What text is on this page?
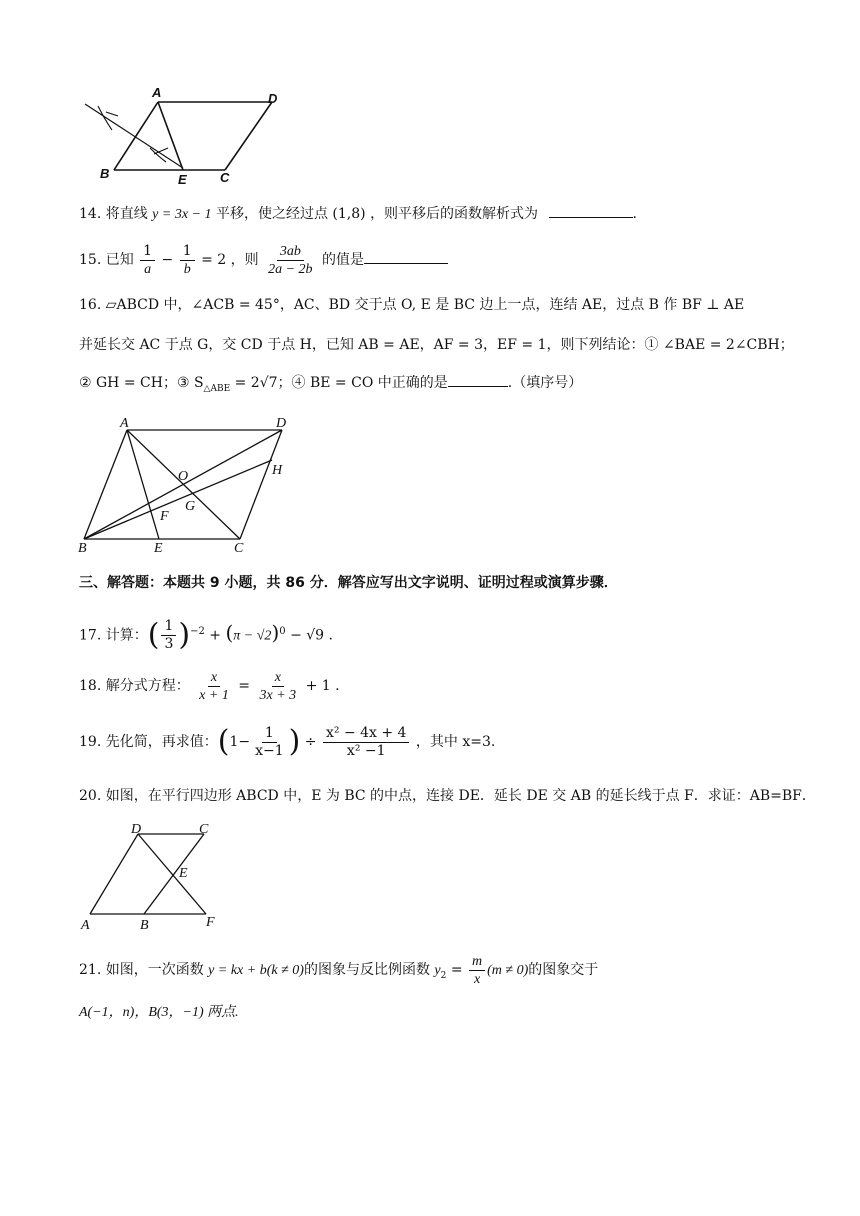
A	D
B	E	C
14. 将直线 y = 3x − 1 平移，使之经过点 (1,8) ，则平移后的函数解析式为	.
15. 已知 $\frac{1}{a} - \frac{1}{b} = 2$ ，则 $\frac{3ab}{2a - 2b}$ 的值是
16. ▱ABCD 中，∠ACB = 45°，AC、BD 交于点 O, E 是 BC 边上一点，连结 AE，过点 B 作 BF ⊥ AE
并延长交 AC 于点 G，交 CD 于点 H，已知 AB = AE，AF = 3，EF = 1，则下列结论：① ∠BAE = 2∠CBH；
② GH = CH；③ $S_{\triangle ABE} = 2√7$；④ BE = CO 中正确的是	.（填序号）
A	D
H
O
G
F
B	E	C
三、解答题：本题共 9 小题，共 86 分．解答应写出文字说明、证明过程或演算步骤．
17. 计算：( $\frac{1}{3} )^{-2} + (\pi - √2)^0 - √9$ .
18. 解分式方程： $\frac{x}{x + 1} = \frac{x}{3x + 3} + 1$ .
19. 先化简，再求值：($1- \frac{1}{x-1}$ ) ÷ $\frac{\text{x² − 4x + 4}}{\text{x² −1}}$ ，其中 x=3.
20. 如图，在平行四边形 ABCD 中，E 为 BC 的中点，连接 DE．延长 DE 交 AB 的延长线于点 F．求证：AB=BF．
D	C
E
A	B	F
21. 如图，一次函数 y = kx + b(k ≠ 0)的图象与反比例函数 $y_2 = \frac{m}{x} (m \ne 0)$的图象交于
A(−1，n)，B(3，−1) 两点.
